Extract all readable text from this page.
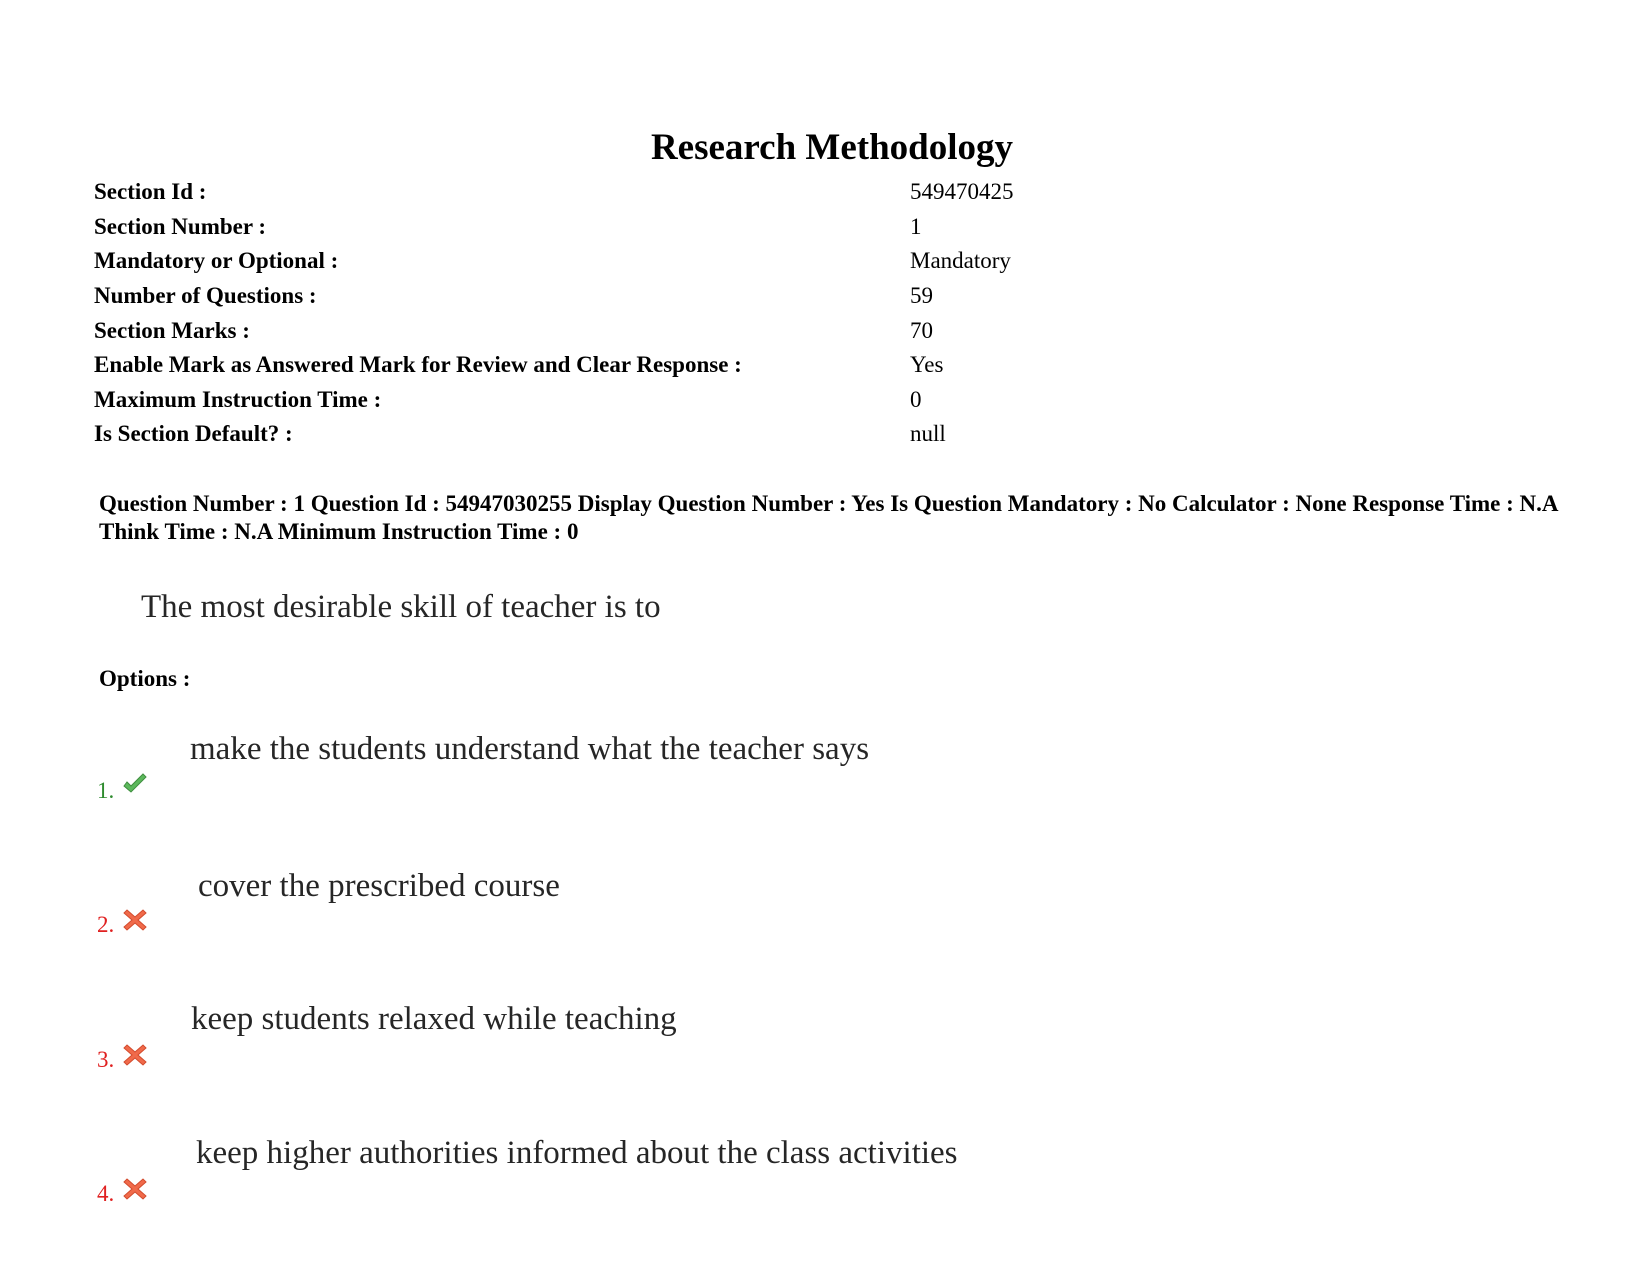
Research Methodology
Section Id :	549470425
Section Number :	1
Mandatory or Optional :	Mandatory
Number of Questions :	59
Section Marks :	70
Enable Mark as Answered Mark for Review and Clear Response :	Yes
Maximum Instruction Time :	0
Is Section Default? :	null
Question Number : 1 Question Id : 54947030255 Display Question Number : Yes Is Question Mandatory : No Calculator : None Response Time : N.A Think Time : N.A Minimum Instruction Time : 0
The most desirable skill of teacher is to
Options :
make the students understand what the teacher says
1.
cover the prescribed course
2.
keep students relaxed while teaching
3.
keep higher authorities informed about the class activities
4.
